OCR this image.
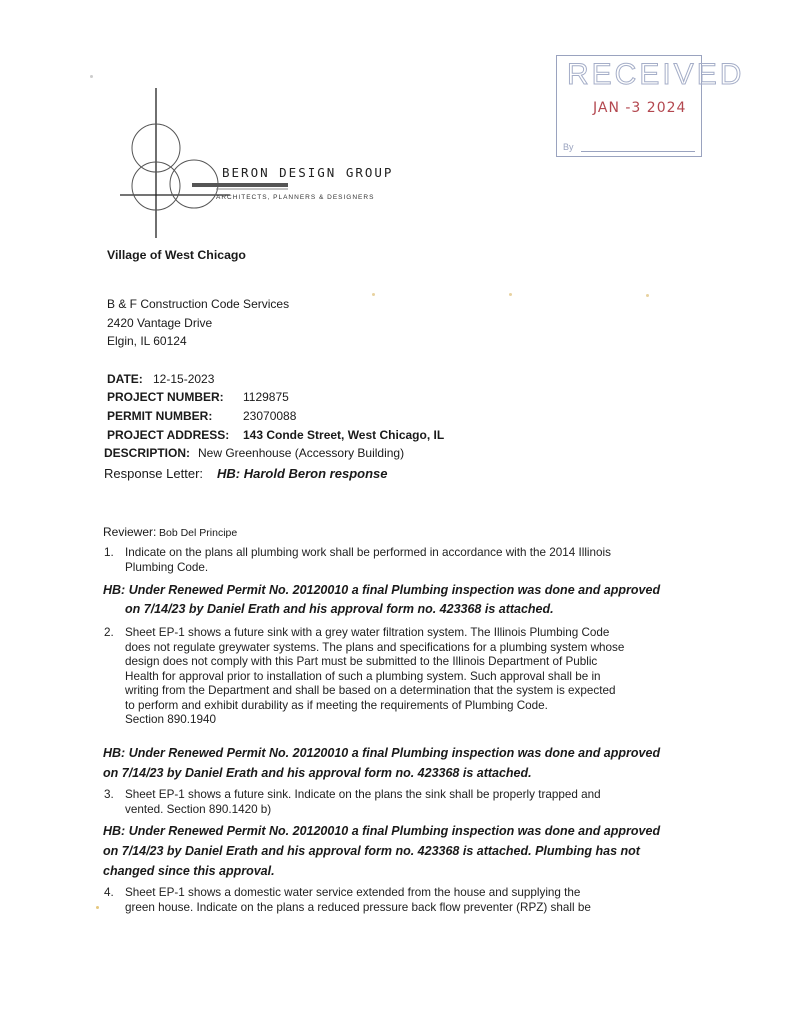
RECEIVED
JAN -3 2024
By
BERON DESIGN GROUP
ARCHITECTS, PLANNERS & DESIGNERS
Village of West Chicago
B & F Construction Code Services
2420 Vantage Drive
Elgin, IL 60124
DATE: 12-15-2023
PROJECT NUMBER: 1129875
PERMIT NUMBER:	23070088
PROJECT ADDRESS: 143 Conde Street, West Chicago, IL
DESCRIPTION: New Greenhouse (Accessory Building)
Response Letter: HB: Harold Beron response
Reviewer: Bob Del Principe
1. Indicate on the plans all plumbing work shall be performed in accordance with the 2014 Illinois
Plumbing Code.
HB: Under Renewed Permit No. 20120010 a final Plumbing inspection was done and approved
on 7/14/23 by Daniel Erath and his approval form no. 423368 is attached.
2. Sheet EP-1 shows a future sink with a grey water filtration system. The Illinois Plumbing Code
does not regulate greywater systems. The plans and specifications for a plumbing system whose
design does not comply with this Part must be submitted to the Illinois Department of Public
Health for approval prior to installation of such a plumbing system. Such approval shall be in
writing from the Department and shall be based on a determination that the system is expected
to perform and exhibit durability as if meeting the requirements of Plumbing Code.
Section 890.1940
HB: Under Renewed Permit No. 20120010 a final Plumbing inspection was done and approved
on 7/14/23 by Daniel Erath and his approval form no. 423368 is attached.
3. Sheet EP-1 shows a future sink. Indicate on the plans the sink shall be properly trapped and
vented. Section 890.1420 b)
HB: Under Renewed Permit No. 20120010 a final Plumbing inspection was done and approved
on 7/14/23 by Daniel Erath and his approval form no. 423368 is attached. Plumbing has not
changed since this approval.
4. Sheet EP-1 shows a domestic water service extended from the house and supplying the
green house. Indicate on the plans a reduced pressure back flow preventer (RPZ) shall be
